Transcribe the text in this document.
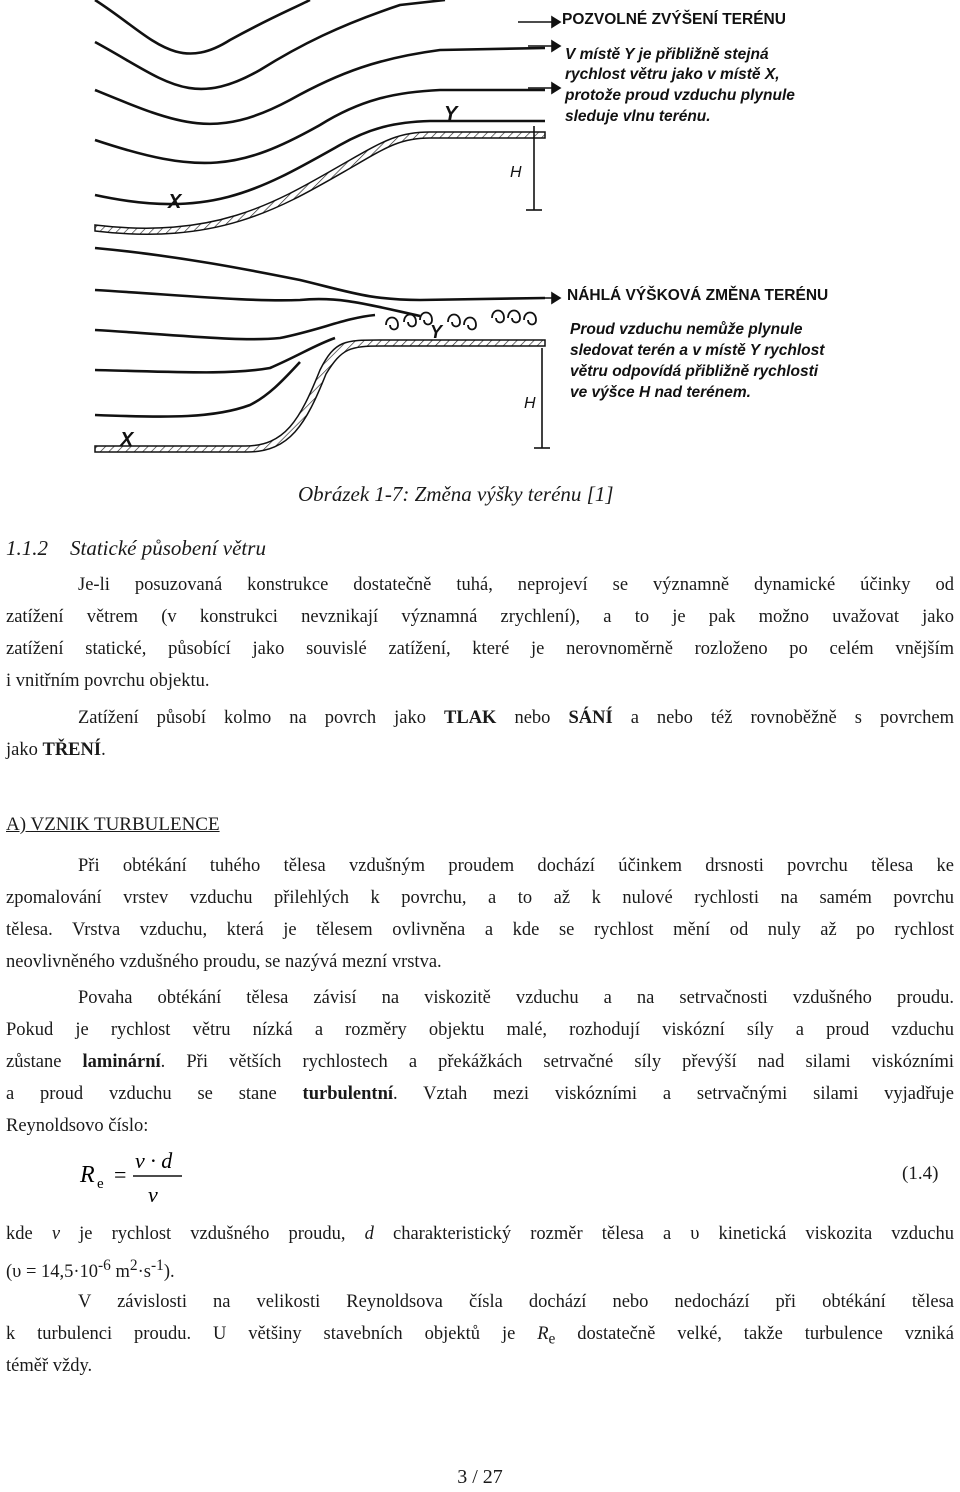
X
Y
H
POZVOLNÉ ZVÝŠENÍ TERÉNU
V místě Y je přibližně stejná
rychlost větru jako v místě X,
protože proud vzduchu plynule
sleduje vlnu terénu.
X
Y
H
NÁHLÁ VÝŠKOVÁ ZMĚNA TERÉNU
Proud vzduchu nemůže plynule
sledovat terén a v místě Y rychlost
větru odpovídá přibližně rychlosti
ve výšce H nad terénem.
Obrázek 1-7: Změna výšky terénu [1]
1.1.2 Statické působení větru
Je-li posuzovaná konstrukce dostatečně tuhá, neprojeví se významně dynamické účinky od
zatížení větrem (v konstrukci nevznikají významná zrychlení), a to je pak možno uvažovat jako
zatížení statické, působící jako souvislé zatížení, které je nerovnoměrně rozloženo po celém vnějším
i vnitřním povrchu objektu.
Zatížení působí kolmo na povrch jako TLAK nebo SÁNÍ a nebo též rovnoběžně s povrchem
jako TŘENÍ.
A) VZNIK TURBULENCE
Při obtékání tuhého tělesa vzdušným proudem dochází účinkem drsnosti povrchu tělesa ke
zpomalování vrstev vzduchu přilehlých k povrchu, a to až k nulové rychlosti na samém povrchu
tělesa. Vrstva vzduchu, která je tělesem ovlivněna a kde se rychlost mění od nuly až po rychlost
neovlivněného vzdušného proudu, se nazývá mezní vrstva.
Povaha obtékání tělesa závisí na viskozitě vzduchu a na setrvačnosti vzdušného proudu.
Pokud je rychlost větru nízká a rozměry objektu malé, rozhodují viskózní síly a proud vzduchu
zůstane laminární. Při větších rychlostech a překážkách setrvačné síly převýší nad silami viskózními
a proud vzduchu se stane turbulentní. Vztah mezi viskózními a setrvačnými silami vyjadřuje
Reynoldsovo číslo:
R e =
v · d
ν
(1.4)
kde v je rychlost vzdušného proudu, d charakteristický rozměr tělesa a υ kinetická viskozita vzduchu
($\upsilon = 14,5\cdot 10^{-6}$ $m^2\cdot s^{-1}$).
V závislosti na velikosti Reynoldsova čísla dochází nebo nedochází při obtékání tělesa
k turbulenci proudu. U většiny stavebních objektů je $R_e$ dostatečně velké, takže turbulence vzniká
téměř vždy.
3 / 27
